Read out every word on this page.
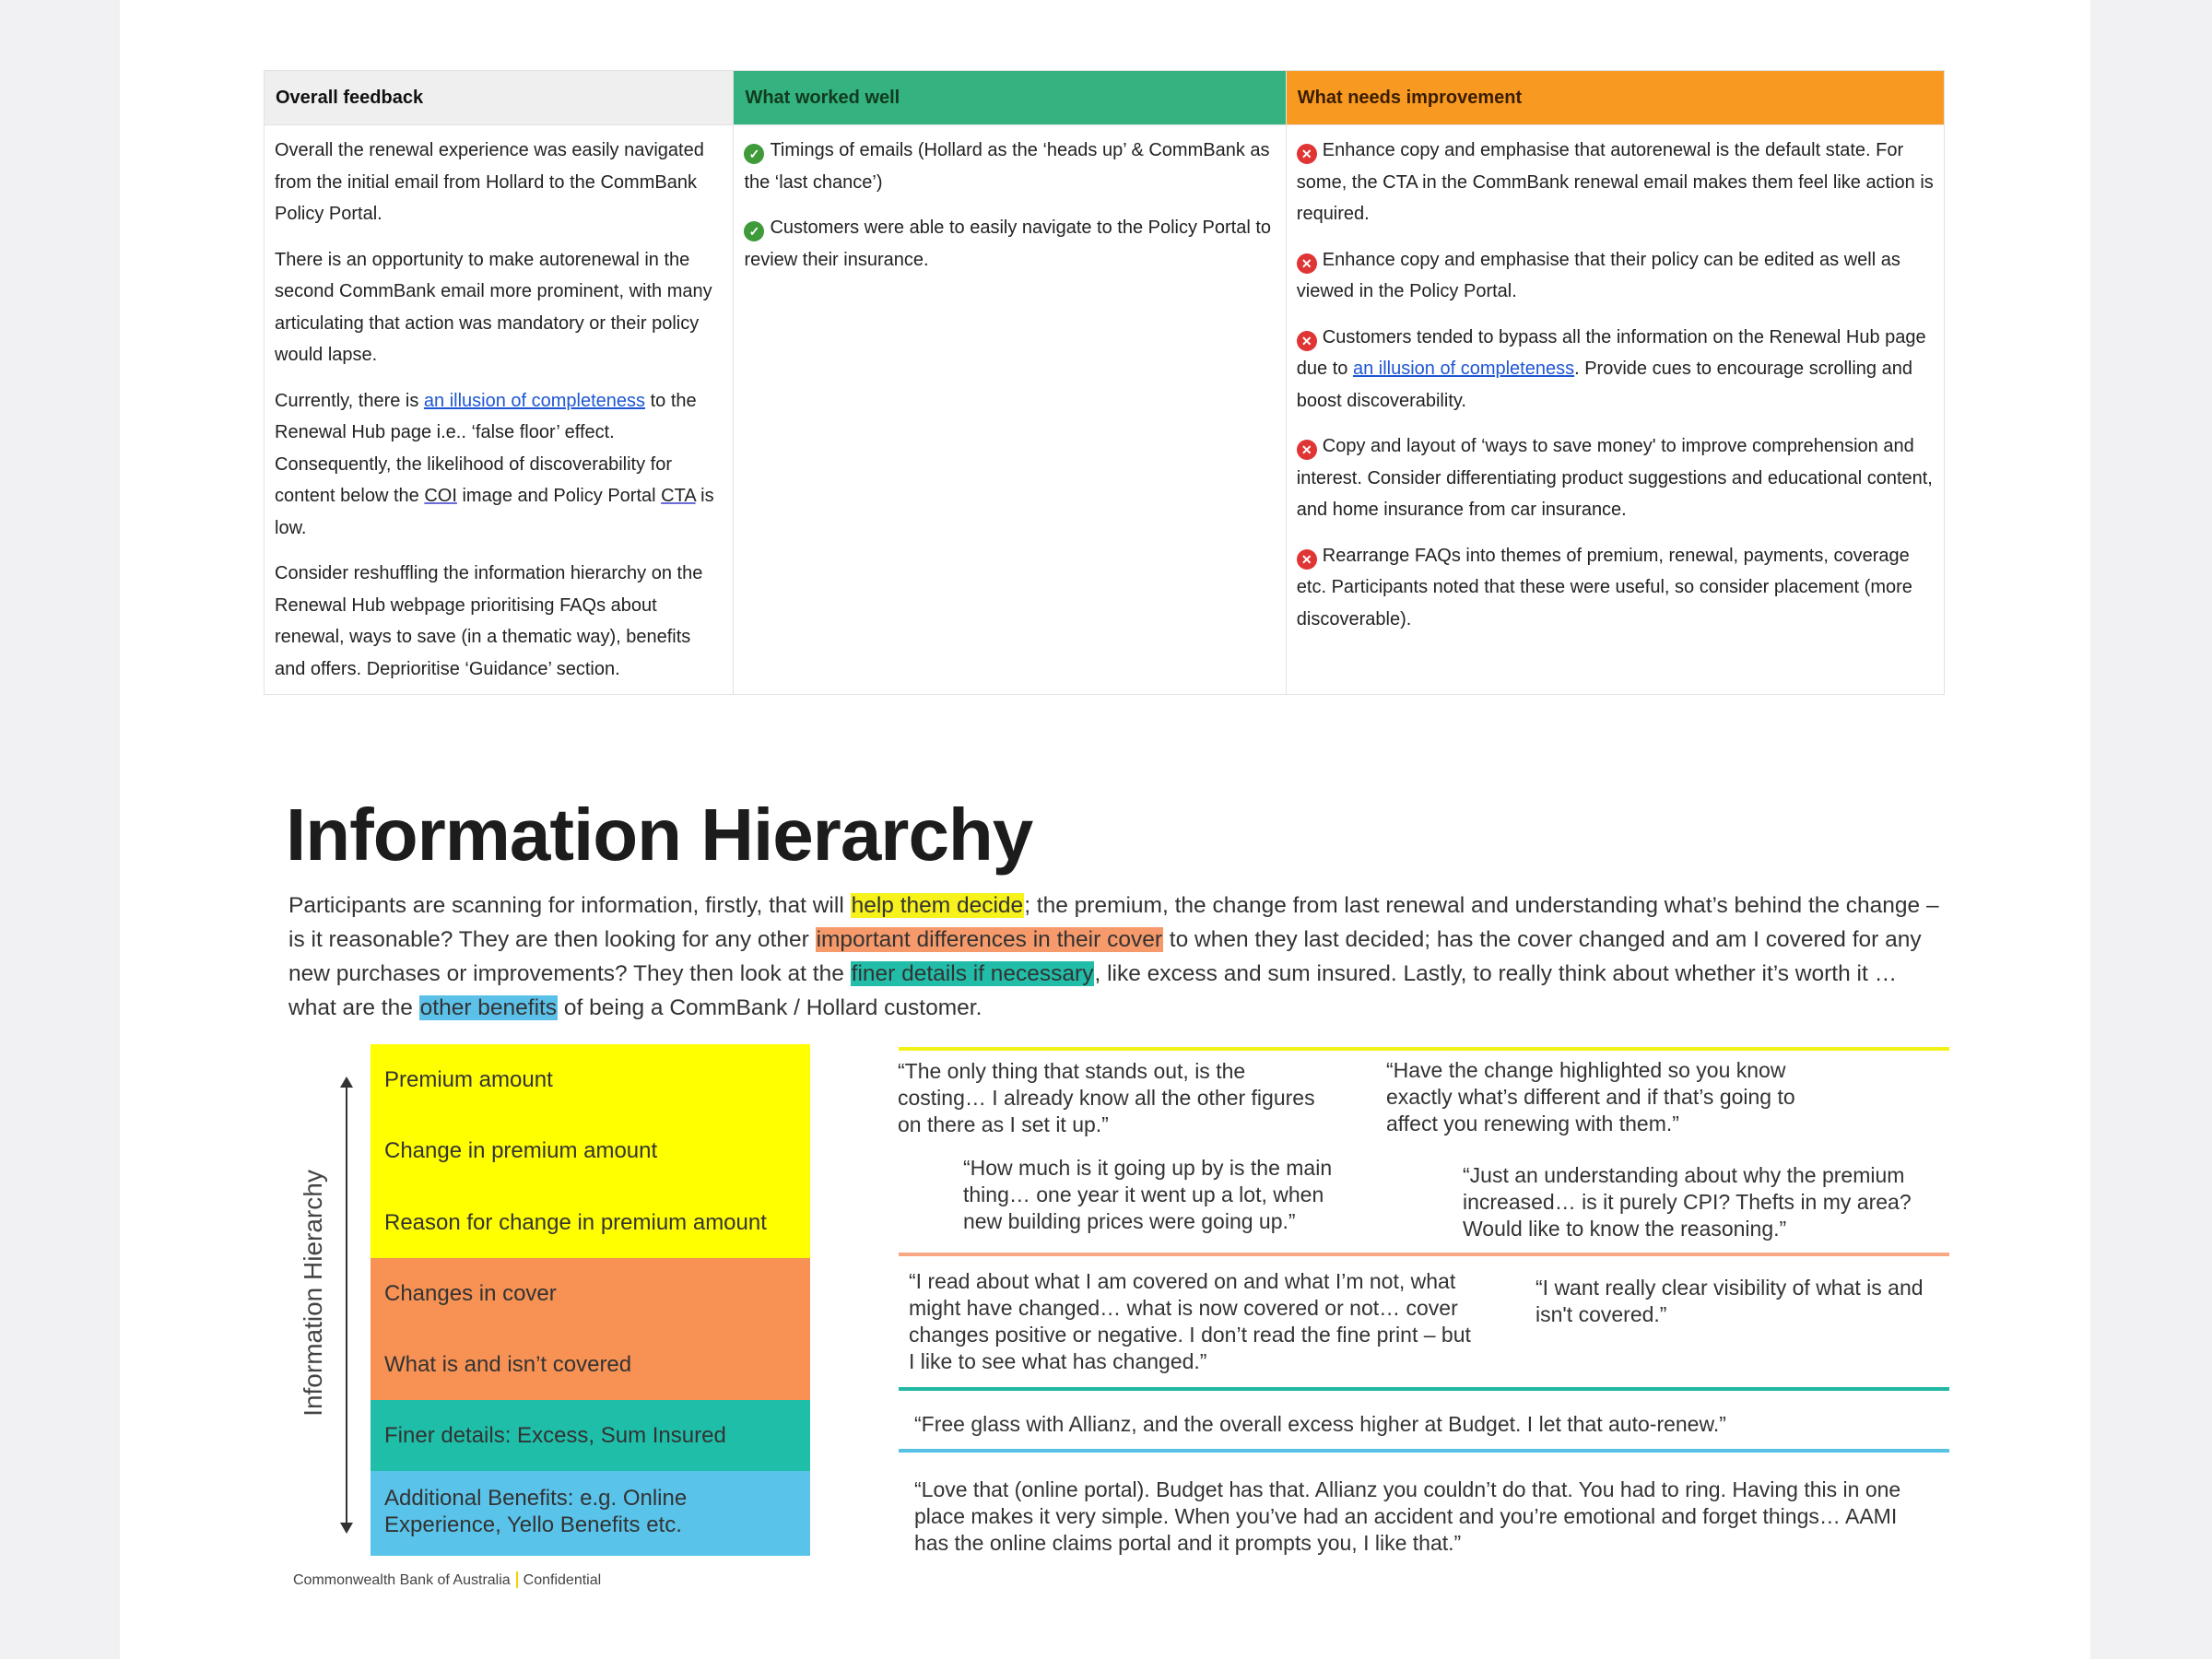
Overall feedback

Overall the renewal experience was easily navigated from the initial email from Hollard to the CommBank Policy Portal.

There is an opportunity to make autorenewal in the second CommBank email more prominent, with many articulating that action was mandatory or their policy would lapse.

Currently, there is an illusion of completeness to the Renewal Hub page i.e.. ‘false floor’ effect. Consequently, the likelihood of discoverability for content below the COI image and Policy Portal CTA is low.

Consider reshuffling the information hierarchy on the Renewal Hub webpage prioritising FAQs about renewal, ways to save (in a thematic way), benefits and offers. Deprioritise ‘Guidance’ section.

What worked well

✓ Timings of emails (Hollard as the ‘heads up’ & CommBank as the ‘last chance’)

✓ Customers were able to easily navigate to the Policy Portal to review their insurance.

What needs improvement

✕ Enhance copy and emphasise that autorenewal is the default state. For some, the CTA in the CommBank renewal email makes them feel like action is required.

✕ Enhance copy and emphasise that their policy can be edited as well as viewed in the Policy Portal.

✕ Customers tended to bypass all the information on the Renewal Hub page due to an illusion of completeness. Provide cues to encourage scrolling and boost discoverability.

✕ Copy and layout of ‘ways to save money' to improve comprehension and interest. Consider differentiating product suggestions and educational content, and home insurance from car insurance.

✕ Rearrange FAQs into themes of premium, renewal, payments, coverage etc. Participants noted that these were useful, so consider placement (more discoverable).

Information Hierarchy
Participants are scanning for information, firstly, that will help them decide; the premium, the change from last renewal and understanding what’s behind the change – is it reasonable? They are then looking for any other important differences in their cover to when they last decided; has the cover changed and am I covered for any new purchases or improvements? They then look at the finer details if necessary, like excess and sum insured. Lastly, to really think about whether it’s worth it … what are the other benefits of being a CommBank / Hollard customer.
Information Hierarchy
Premium amount
Change in premium amount
Reason for change in premium amount
Changes in cover
What is and isn’t covered
Finer details: Excess, Sum Insured
Additional Benefits: e.g. Online Experience, Yello Benefits etc.
Commonwealth Bank of Australia Confidential
“The only thing that stands out, is the costing… I already know all the other figures on there as I set it up.”
“Have the change highlighted so you know exactly what’s different and if that’s going to affect you renewing with them.”
“How much is it going up by is the main thing… one year it went up a lot, when new building prices were going up.”
“Just an understanding about why the premium increased… is it purely CPI? Thefts in my area? Would like to know the reasoning.”
“I read about what I am covered on and what I’m not, what might have changed… what is now covered or not… cover changes positive or negative. I don’t read the fine print – but I like to see what has changed.”
“I want really clear visibility of what is and isn't covered.”
“Free glass with Allianz, and the overall excess higher at Budget. I let that auto-renew.”
“Love that (online portal). Budget has that. Allianz you couldn’t do that. You had to ring. Having this in one place makes it very simple. When you’ve had an accident and you’re emotional and forget things… AAMI has the online claims portal and it prompts you, I like that.”
